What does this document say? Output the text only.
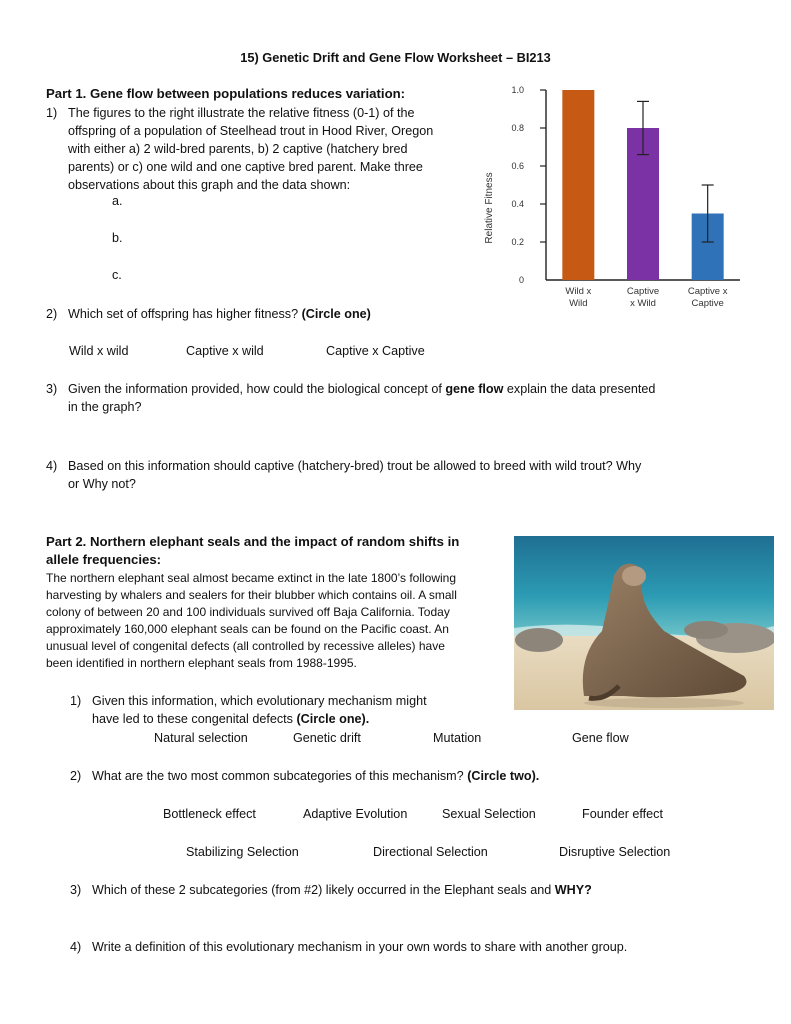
15) Genetic Drift and Gene Flow Worksheet – BI213
Part 1. Gene flow between populations reduces variation:
1) The figures to the right illustrate the relative fitness (0-1) of the
offspring of a population of Steelhead trout in Hood River, Oregon
with either a) 2 wild-bred parents, b) 2 captive (hatchery bred
parents) or c) one wild and one captive bred parent. Make three
observations about this graph and the data shown:
a.
b.
c.
Relative Fitness
1.0
0.8
0.6
0.4
0.2
0
Wild x
Wild
Captive
x Wild
Captive x
Captive
2) Which set of offspring has higher fitness? (Circle one)
Wild x wild	Captive x wild	Captive x Captive
3) Given the information provided, how could the biological concept of gene flow explain the data presented
in the graph?
4) Based on this information should captive (hatchery-bred) trout be allowed to breed with wild trout? Why
or Why not?
Part 2. Northern elephant seals and the impact of random shifts in
allele frequencies:
The northern elephant seal almost became extinct in the late 1800’s following
harvesting by whalers and sealers for their blubber which contains oil. A small
colony of between 20 and 100 individuals survived off Baja California. Today
approximately 160,000 elephant seals can be found on the Pacific coast. An
unusual level of congenital defects (all controlled by recessive alleles) have
been identified in northern elephant seals from 1988-1995.
1) Given this information, which evolutionary mechanism might
have led to these congenital defects (Circle one).
Natural selection	Genetic drift	Mutation	Gene flow
2) What are the two most common subcategories of this mechanism? (Circle two).
Bottleneck effect	Adaptive Evolution	Sexual Selection	Founder effect
Stabilizing Selection	Directional Selection	Disruptive Selection
3) Which of these 2 subcategories (from #2) likely occurred in the Elephant seals and WHY?
4) Write a definition of this evolutionary mechanism in your own words to share with another group.
